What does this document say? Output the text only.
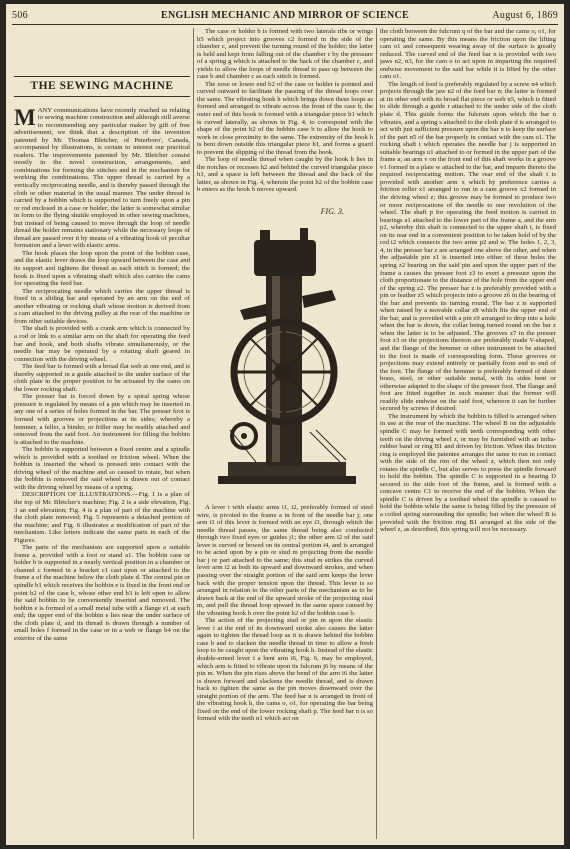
506	ENGLISH MECHANIC AND MIRROR OF SCIENCE	August 6, 1869
THE SEWING MACHINE

MANY communications have recently reached us relating to sewing machine construction and although still averse to recommending any particular maker by gift of free advertisement, we think that a description of the invention patented by Mr. Thomas Bletcher, of Peterboro', Canada, accompanied by illustrations, is certain to interest our practical readers. The improvements patented by Mr. Bletcher consist mostly in the novel construction, arrangements, and combinations for forming the stitches and in the mechanism for working the combinations. The upper thread is carried by a vertically reciprocating needle, and is thereby passed through the cloth or other material in the usual manner. The under thread is carried by a bobbin which is supported to turn freely upon a pin or rod enclosed in a case or holder; the latter is somewhat similar in form to the flying shuttle employed in other sewing machines, but instead of being caused to move through the loop of needle thread the holder remains stationary while the necessary loops of thread are passed over it by means of a vibrating hook of peculiar formation and a lever with elastic arms.

The hook places the loop upon the point of the bobbin case, and the elastic lever draws the loop upward between the case and its support and tightens the thread as each stitch is formed; the hook is fixed upon a vibrating shaft which also carries the cams for operating the feed bar.

The reciprocating needle which carries the upper thread is fixed in a sliding bar and operated by an arm on the end of another vibrating or rocking shaft whose motion is derived from a cam attached to the driving pulley at the rear of the machine or from other suitable devices.

The shaft is provided with a crank arm which is connected by a rod or link to a similar arm on the shaft for operating the feed bar and hook, and both shafts vibrate simultaneously, or the needle bar may be operated by a rotating shaft geared in connection with the driving wheel.

The feed bar is formed with a broad flat web at one end, and is thereby supported in a guide attached to the under surface of the cloth plate in the proper position to be actuated by the cams on the lower rocking shaft.

The presser bar is forced down by a spiral spring whose pressure is regulated by means of a pin which may be inserted in any one of a series of holes formed in the bar. The presser foot is formed with grooves or projections at its sides; whereby a hemmer, a feller, a binder, or friller may be readily attached and removed from the said foot. An instrument for filling the bobbin is attached to the machine.

The bobbin is supported between a fixed centre and a spindle which is provided with a toothed or friction wheel. When the bobbin is inserted the wheel is pressed into contact with the driving wheel of the machine and so caused to rotate, but when the bobbin is removed the said wheel is drawn out of contact with the driving wheel by means of a spring.

DESCRIPTION OF ILLUSTRATIONS.—Fig. 1 is a plan of the top of Mr. Bletcher's machine; Fig. 2 is a side elevation, Fig. 3 an end elevation; Fig. 4 is a plan of part of the machine with the cloth plate removed; Fig. 5 represents a detached portion of the machine; and Fig. 6 illustrates a modification of part of the mechanism. Like letters indicate the same parts in each of the Figures.

The parts of the mechanism are supported upon a suitable frame a, provided with a foot or stand a1. The bobbin case or holder b is supported in a nearly vertical position in a chamber or channel c formed in a bracket c1 cast upon or attached to the frame a of the machine below the cloth plate d. The central pin or spindle b1 which receives the bobbin e is fixed in the front end or point b2 of the case b, whose other end b3 is left open to allow the said bobbin to be conveniently inserted and removed. The bobbin e is formed of a small metal tube with a flange e1 at each end; the upper end of the bobbin e lies near the under surface of the cloth plate d, and its thread is drawn through a number of small holes f formed in the case or in a web or flange b4 on the exterior of the same

The case or holder b is formed with two laterals ribs or wings b5 which project into grooves c2 formed in the side of the chamber c, and prevent the turning round of the holder; the latter is held and kept from falling out of the chamber c by the pressure of a spring g which is attached to the back of the chamber c, and yields to allow the loops of needle thread to pass up between the case b and chamber c as each stitch is formed.

The nose or lower end b2 of the case or holder is pointed and curved outward to facilitate the passing of the thread loops over the same. The vibrating hook h which brings down these loops as formed and arranged to vibrate across the front of the case b; the outer end of this hook is formed with a triangular piece h1 which is curved laterally, as shown in Fig. 4, to correspond with the shape of the point b2 of the bobbin case b to allow the hook to work in close proximity to the same. The extremity of the hook h is bent down outside this triangular piece h1, and forms a guard to prevent the slipping of the thread from the hook.

The loop of needle thread when caught by the hook h lies in the notches or recesses h2 and behind the curved triangular piece h1, and a space is left between the thread and the back of the latter, as shown in Fig. 4, wherein the point b2 of the bobbin case b enters as the hook h moves upward.

FIG. 3.

A lever i with elastic arms i1, i2, preferably formed of steel wire, is pivoted to the frame a in front of the needle bar j; one arm i1 of this lever is formed with an eye i3, through which the needle thread passes, the same thread being also conducted through two fixed eyes or guides j1; the other arm i2 of the said lever is curved or bowed on its central portion i4, and is arranged to be acted upon by a pin or stud m projecting from the needle bar j or part attached to the same; this stud m strikes the curved lever arm i2 at both its upward and downward strokes, and when passing over the straight portion of the said arm keeps the lever back with the proper tension upon the thread. This lever is so arranged in relation to the other parts of the mechanism as to be drawn back at the end of the upward stroke of the projecting stud m, and pull the thread loop upward in the same space caused by the vibrating hook h over the point b2 of the bobbin case b.

The action of the projecting stud or pin m upon the elastic lever i at the end of its downward stroke also causes the latter again to tighten the thread loop as it is drawn behind the bobbin case b and to slacken the needle thread in time to allow a fresh loop to be caught upon the vibrating hook h. Instead of the elastic double-armed lever i a bent arm i6, Fig. 6, may be employed, which arm is fitted to vibrate upon its fulcrum j6 by means of the pin m. When the pin rises above the bend of the arm i6 the latter is drawn forward and slackens the needle thread, and is drawn back to tighten the same as the pin moves downward over the straight portion of the arm. The feed bar n is arranged in front of the vibrating hook h, the cams o, o1, for operating the bar being fixed on the end of the lower rocking shaft p. The feed bar n is so formed with the teeth n1 which act on

the cloth between the fulcrum q of the bar and the cams o, o1, for operating the same. By this means the friction upon the lifting cam o1 and consequent wearing away of the surface is greatly reduced. The curved end of the feed bar n is provided with two jaws n2, n3, for the cam o to act upon in imparting the required endwise movement to the said bar while it is lifted by the other cam o1.

The length of feed is preferably regulated by a screw n4 which projects through the jaw n2 of the feed bar n; the latter is formed at its other end with its broad flat piece or web n5, which is fitted to slide through a guide r attached to the under side of the cloth plate d. This guide forms the fulcrum upon which the bar n vibrates, and a spring s attached to the cloth plate d is arranged to act with just sufficient pressure upon the bar n to keep the surface of the part n5 of the bar properly in contact with the cam o1. The rocking shaft t which operates the needle bar j is supported in suitable bearings u1 attached to or formed in the upper part of the frame a; an arm v on the front end of this shaft works in a groove v1 formed in a plate w attached to the bar, and imparts thereto the required reciprocating motion. The rear end of the shaft t is provided with another arm x which by preference carries a friction roller x1 arranged to run in a cam groove x2 formed in the driving wheel z; this groove may be formed to produce two or more reciprocations of the needle to one revolution of the wheel. The shaft p for operating the feed motion is carried in bearings a1 attached to the lower part of the frame a, and the arm p2, whereby this shaft is connected to the upper shaft t, is fixed on its rear end in a convenient position to be taken hold of by the rod t2 which connects the two arms p2 and w. The holes 1, 2, 3, 4, in the presser bar z are arranged one above the other, and when the adjustable pin z1 is inserted into either of these holes the spring z2 bearing on the said pin and upon the upper part of the frame a causes the presser foot z3 to exert a pressure upon the cloth proportionate to the distance of the hole from the upper end of the spring z2. The presser bar z is preferably provided with a pin or feather z5 which projects into a groove z6 in the bearing of the bar and prevents its turning round. The bar z is supported when raised by a movable collar z8 which fits the upper end of the bar, and is provided with a pin z9 arranged to drop into a hole when the bar is down, the collar being turned round on the bar z when the latter is to be adjusted. The grooves z7 in the presser foot z3 or the projections thereon are preferably made V-shaped, and the flange of the hemmer or other instrument to be attached to the foot is made of corresponding form. These grooves or projections may extend entirely or partially from end to end of the foot. The flange of the hemmer is preferably formed of sheet brass, steel, or other suitable metal, with its sides bent or otherwise adapted to the shape of the presser foot. The flange and foot are fitted together in such manner that the former will readily slide endwise on the said foot, whereon it can be further secured by screws if desired.

The instrument by which the bobbin is filled is arranged when in use at the rear of the machine. The wheel B on the adjustable spindle C may be formed with teeth corresponding with other teeth on the driving wheel z, or may be furnished with an india-rubber band or ring B1 and driven by friction. When this friction ring is employed the patentee arranges the same to run in contact with the side of the rim of the wheel z, which then not only rotates the spindle C, but also serves to press the spindle forward to hold the bobbin. The spindle C is supported in a bearing D secured to the side foot of the frame, and is formed with a concave centre C1 to receive the end of the bobbin. When the spindle C is driven by a toothed wheel the spindle is caused to hold the bobbin while the same is being filled by the pressure of a coiled spring surrounding the spindle; but when the wheel B is provided with the friction ring B1 arranged at the side of the wheel z, as described, this spring will not be necessary.
